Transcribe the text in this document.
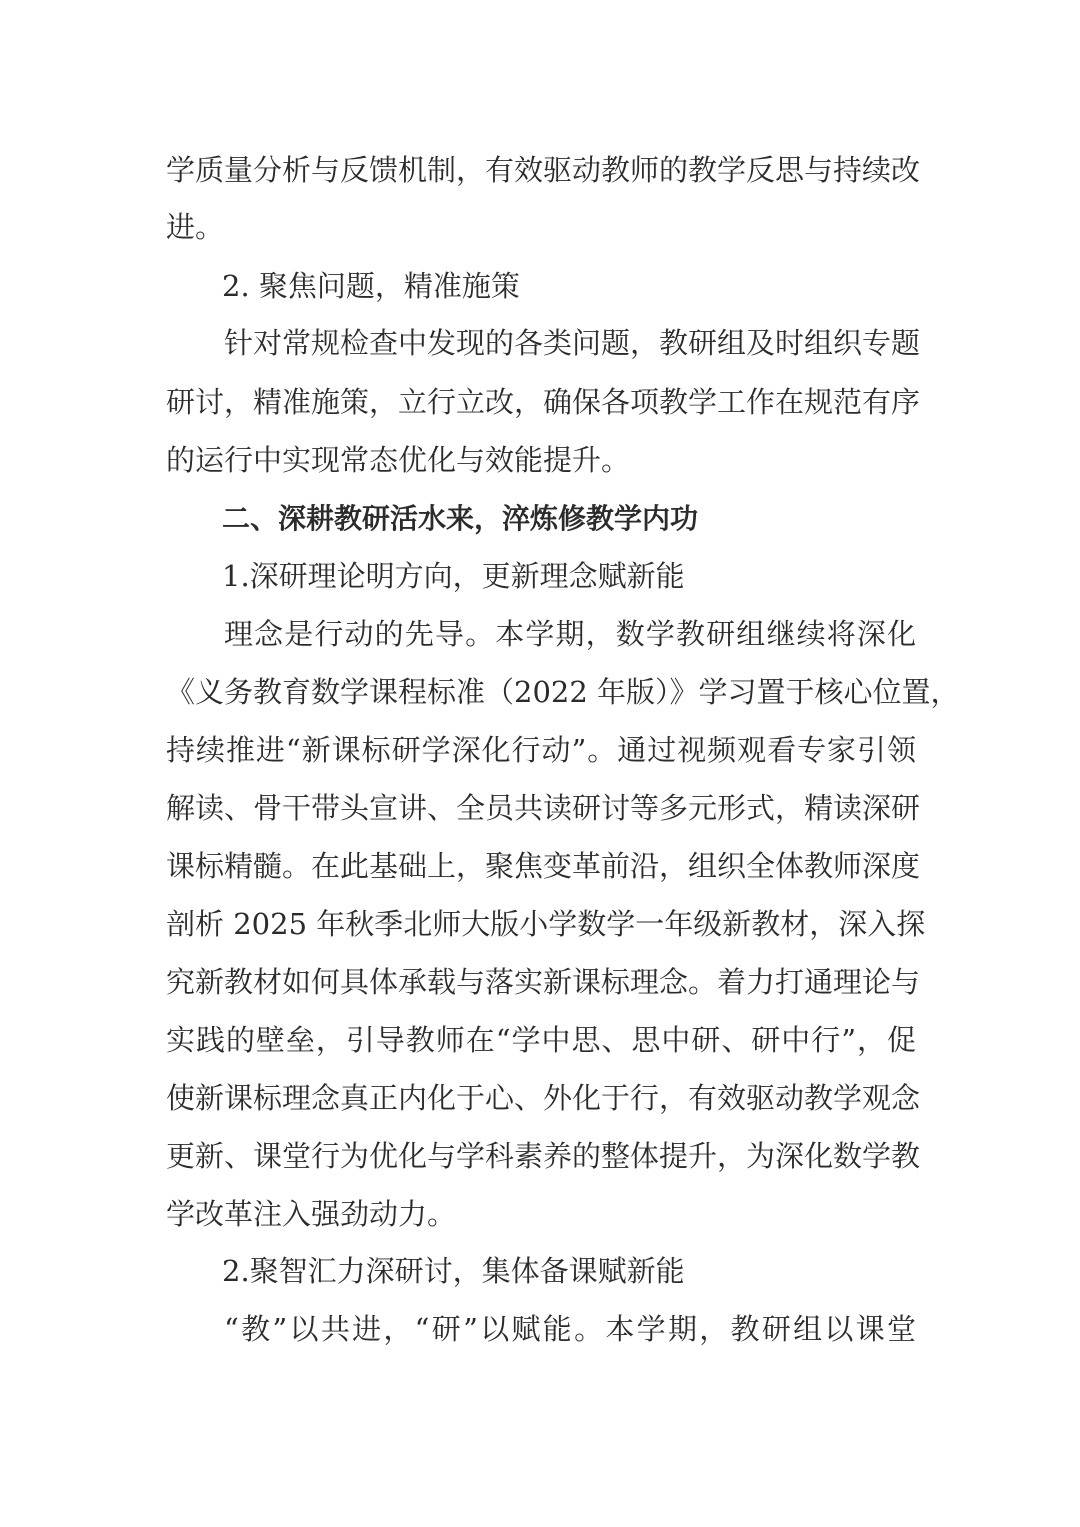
学质量分析与反馈机制，有效驱动教师的教学反思与持续改
进。
2. 聚焦问题，精准施策
针对常规检查中发现的各类问题，教研组及时组织专题
研讨，精准施策，立行立改，确保各项教学工作在规范有序
的运行中实现常态优化与效能提升。
二、深耕教研活水来，淬炼修教学内功
1.深研理论明方向，更新理念赋新能
理念是行动的先导。本学期，数学教研组继续将深化
《义务教育数学课程标准（2022 年版）》学习置于核心位置，
持续推进“新课标研学深化行动”。通过视频观看专家引领
解读、骨干带头宣讲、全员共读研讨等多元形式，精读深研
课标精髓。在此基础上，聚焦变革前沿，组织全体教师深度
剖析 2025 年秋季北师大版小学数学一年级新教材，深入探
究新教材如何具体承载与落实新课标理念。着力打通理论与
实践的壁垒，引导教师在“学中思、思中研、研中行”，促
使新课标理念真正内化于心、外化于行，有效驱动教学观念
更新、课堂行为优化与学科素养的整体提升，为深化数学教
学改革注入强劲动力。
2.聚智汇力深研讨，集体备课赋新能
“教”以共进，“研”以赋能。本学期，教研组以课堂
